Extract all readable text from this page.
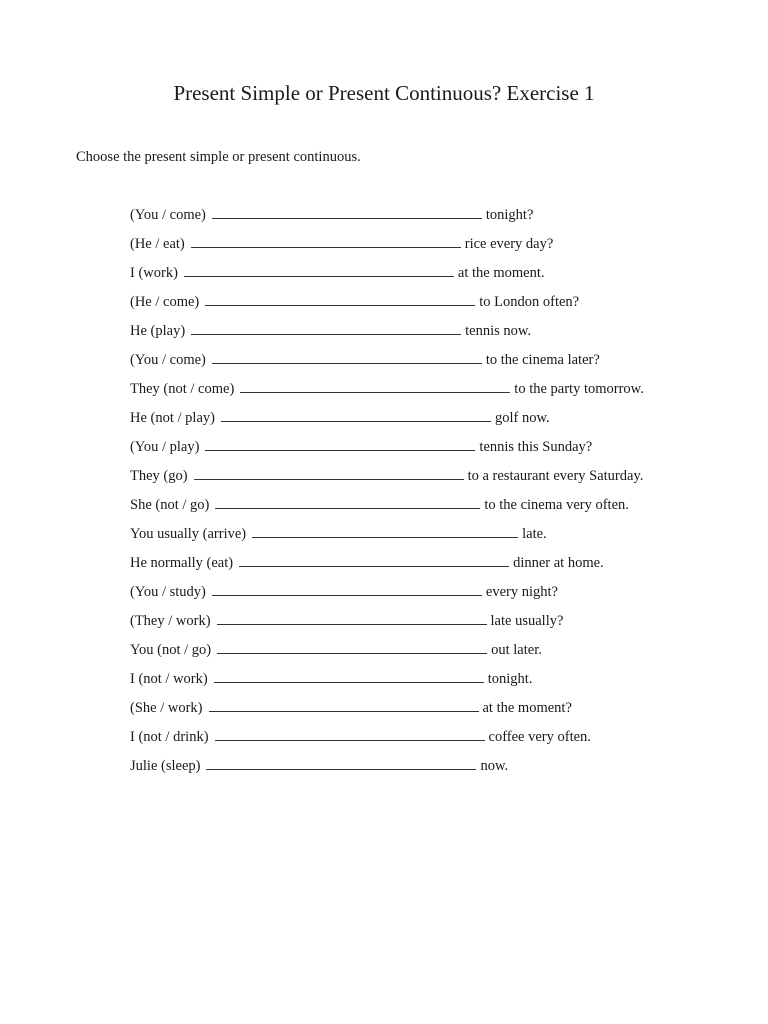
Present Simple or Present Continuous? Exercise 1
Choose the present simple or present continuous.
(You / come)	tonight?
(He / eat)	rice every day?
I (work)	at the moment.
(He / come)	to London often?
He (play)	tennis now.
(You / come)	to the cinema later?
They (not / come)	to the party tomorrow.
He (not / play)	golf now.
(You / play)	tennis this Sunday?
They (go)	to a restaurant every Saturday.
She (not / go)	to the cinema very often.
You usually (arrive)	late.
He normally (eat)	dinner at home.
(You / study)	every night?
(They / work)	late usually?
You (not / go)	out later.
I (not / work)	tonight.
(She / work)	at the moment?
I (not / drink)	coffee very often.
Julie (sleep)	now.
